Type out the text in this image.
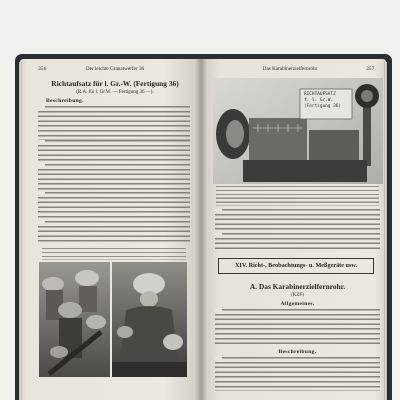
356	Der leichte Granatwerfer 36
Richtaufsatz für l. Gr.-W. (Fertigung 36)
(R.A. für l. Gr.W. — Fertigung 36 —).
Beschreibung.
Das Karabinerzielfernrohr	357
RICHTAUFSATZ
f. l. Gr.W.
(Fertigung 36)
XIV. Richt-, Beobachtungs- u. Meßgeräte usw.
A. Das Karabinerzielfernrohr.
(KZF)
Allgemeines.
Beschreibung.
